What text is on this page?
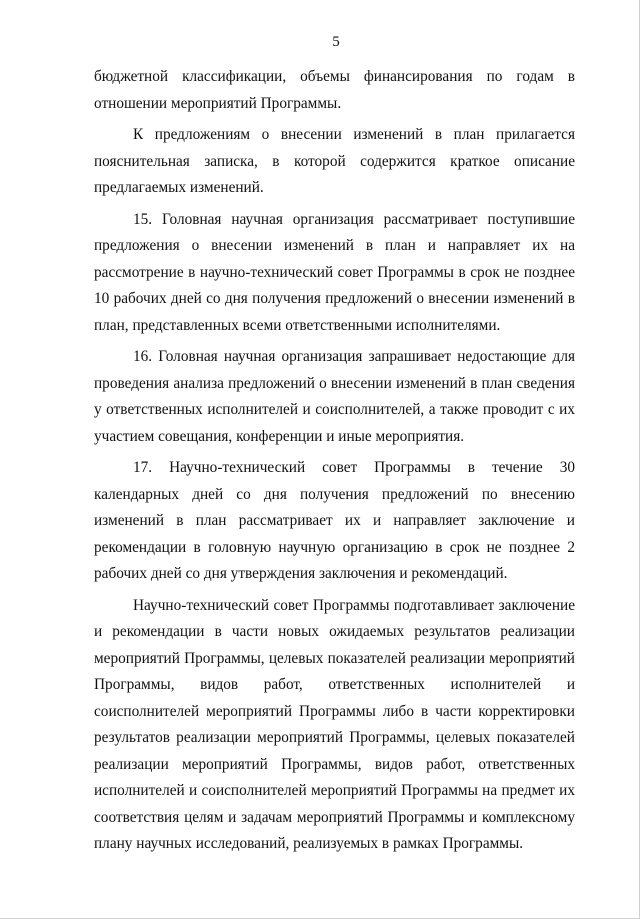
5

бюджетной классификации, объемы финансирования по годам в отношении мероприятий Программы.

К предложениям о внесении изменений в план прилагается пояснительная записка, в которой содержится краткое описание предлагаемых изменений.

15. Головная научная организация рассматривает поступившие предложения о внесении изменений в план и направляет их на рассмотрение в научно-технический совет Программы в срок не позднее 10 рабочих дней со дня получения предложений о внесении изменений в план, представленных всеми ответственными исполнителями.

16. Головная научная организация запрашивает недостающие для проведения анализа предложений о внесении изменений в план сведения у ответственных исполнителей и соисполнителей, а также проводит с их участием совещания, конференции и иные мероприятия.

17. Научно-технический совет Программы в течение 30 календарных дней со дня получения предложений по внесению изменений в план рассматривает их и направляет заключение и рекомендации в головную научную организацию в срок не позднее 2 рабочих дней со дня утверждения заключения и рекомендаций.

Научно-технический совет Программы подготавливает заключение и рекомендации в части новых ожидаемых результатов реализации мероприятий Программы, целевых показателей реализации мероприятий Программы, видов работ, ответственных исполнителей и соисполнителей мероприятий Программы либо в части корректировки результатов реализации мероприятий Программы, целевых показателей реализации мероприятий Программы, видов работ, ответственных исполнителей и соисполнителей мероприятий Программы на предмет их соответствия целям и задачам мероприятий Программы и комплексному плану научных исследований, реализуемых в рамках Программы.
